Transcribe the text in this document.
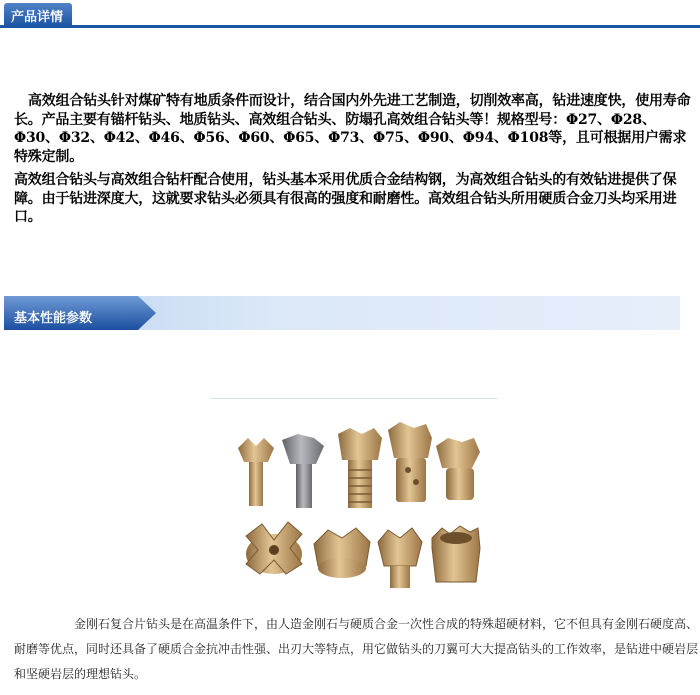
产品详情

高效组合钻头针对煤矿特有地质条件而设计，结合国内外先进工艺制造，切削效率高，钻进速度快，使用寿命长。产品主要有锚杆钻头、地质钻头、高效组合钻头、防塌孔高效组合钻头等！规格型号：Φ27、Φ28、Φ30、Φ32、Φ42、Φ46、Φ56、Φ60、Φ65、Φ73、Φ75、Φ90、Φ94、Φ108等，且可根据用户需求特殊定制。

高效组合钻头与高效组合钻杆配合使用，钻头基本采用优质合金结构钢，为高效组合钻头的有效钻进提供了保障。由于钻进深度大，这就要求钻头必须具有很高的强度和耐磨性。高效组合钻头所用硬质合金刀头均采用进口。

基本性能参数

金刚石复合片钻头是在高温条件下，由人造金刚石与硬质合金一次性合成的特殊超硬材料，它不但具有金刚石硬度高、耐磨等优点，同时还具备了硬质合金抗冲击性强、出刃大等特点，用它做钻头的刀翼可大大提高钻头的工作效率，是钻进中硬岩层和坚硬岩层的理想钻头。
